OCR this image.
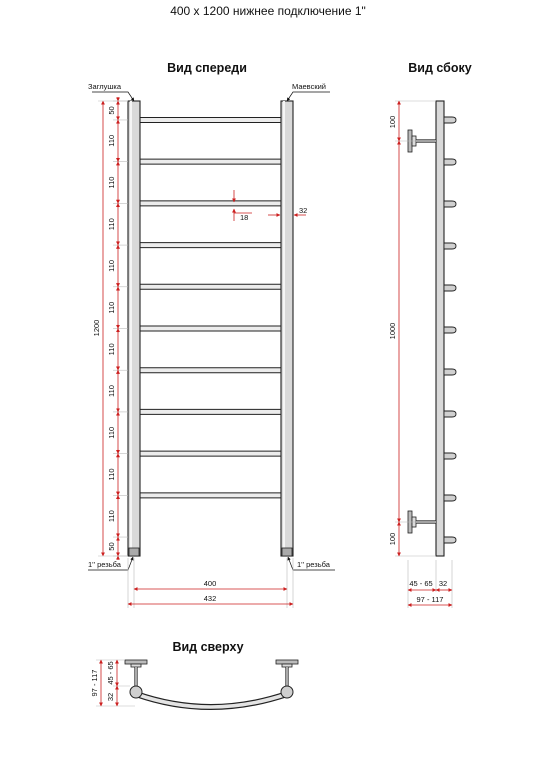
400 х 1200 нижнее подключение 1"
Вид спереди	Вид сбоку
Вид сверху
Заглушка	Маевский
1'' резьба	1'' резьба
50
110
110
110
110
110
110
110
110
110
110
50
1200
18
32
400
432
100
1000
100
45 - 65 32
97 - 117
97 - 117 45 - 65
32
